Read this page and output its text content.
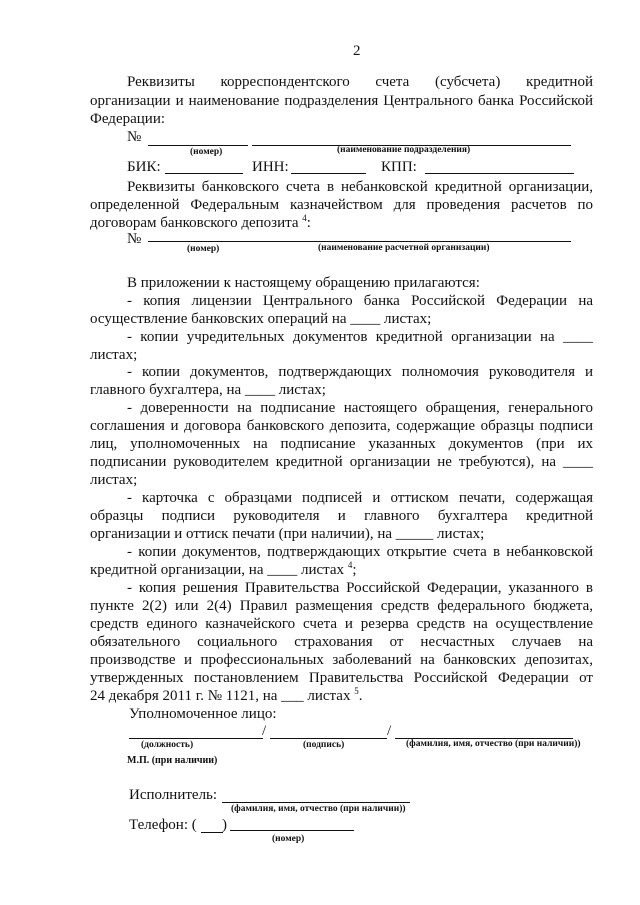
2
Реквизиты корреспондентского счета (субсчета) кредитной
организации и наименование подразделения Центрального банка Российской
Федерации:
№
(номер)	(наименование подразделения)
БИК:	ИНН:	КПП:
Реквизиты банковского счета в небанковской кредитной организации,
определенной Федеральным казначейством для проведения расчетов по
договорам банковского депозита $^4$:
№
(номер)	(наименование расчетной организации)
В приложении к настоящему обращению прилагаются:
- копия лицензии Центрального банка Российской Федерации на
осуществление банковских операций на ____ листах;
- копии учредительных документов кредитной организации на ____
листах;
- копии документов, подтверждающих полномочия руководителя и
главного бухгалтера, на ____ листах;
- доверенности на подписание настоящего обращения, генерального
соглашения и договора банковского депозита, содержащие образцы подписи
лиц, уполномоченных на подписание указанных документов (при их
подписании руководителем кредитной организации не требуются), на ____
листах;
- карточка с образцами подписей и оттиском печати, содержащая
образцы подписи руководителя и главного бухгалтера кредитной
организации и оттиск печати (при наличии), на _____ листах;
- копии документов, подтверждающих открытие счета в небанковской
кредитной организации, на ____ листах $^4$;
- копия решения Правительства Российской Федерации, указанного в
пункте 2(2) или 2(4) Правил размещения средств федерального бюджета,
средств единого казначейского счета и резерва средств на осуществление
обязательного социального страхования от несчастных случаев на
производстве и профессиональных заболеваний на банковских депозитах,
утвержденных постановлением Правительства Российской Федерации от
24 декабря 2011 г. № 1121, на ___ листах $^5$.
Уполномоченное лицо:
/	/
(должность)	(подпись)	(фамилия, имя, отчество (при наличии))
М.П. (при наличии)
Исполнитель:
(фамилия, имя, отчество (при наличии))
Телефон: ( )
(номер)
